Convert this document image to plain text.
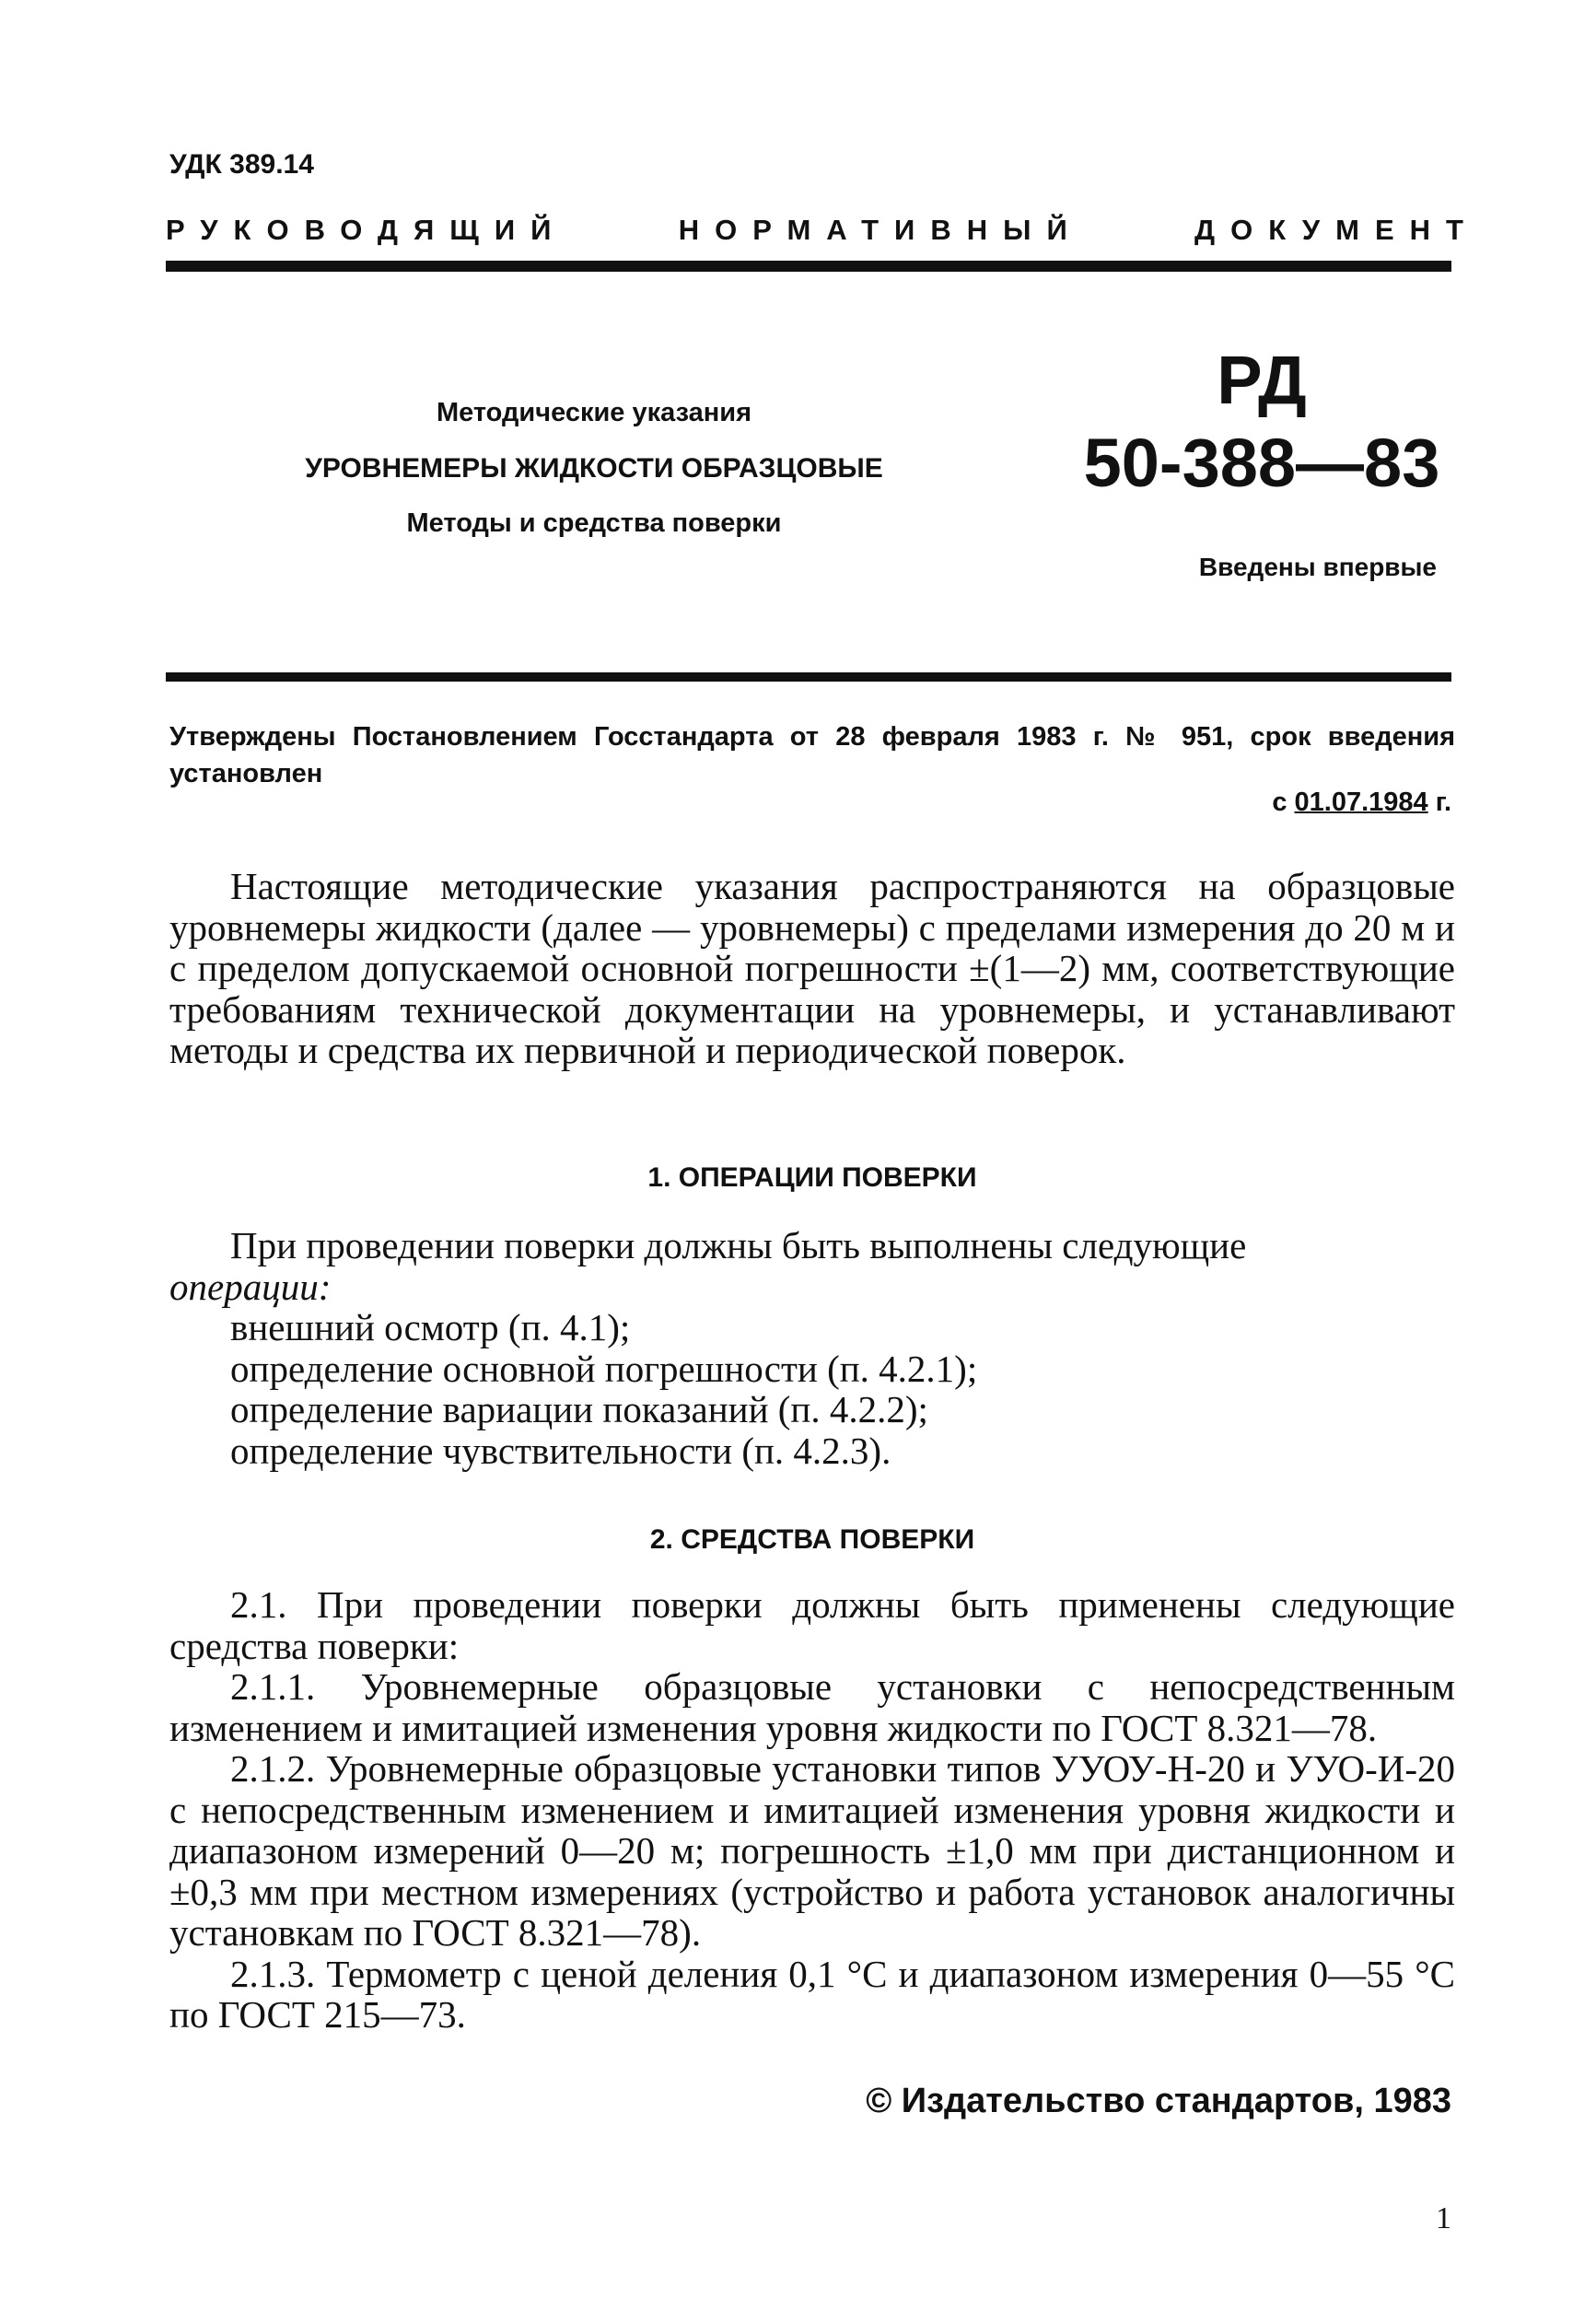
УДК 389.14
РУКОВОДЯЩИЙ	НОРМАТИВНЫЙ	ДОКУМЕНТ
Методические указания
УРОВНЕМЕРЫ ЖИДКОСТИ ОБРАЗЦОВЫЕ
Методы и средства поверки
РД
50-388—83
Введены впервые
Утверждены Постановлением Госстандарта от 28 февраля 1983 г. № 951, срок введения установлен
с 01.07.1984 г.
Настоящие методические указания распространяются на образцовые уровнемеры жидкости (далее — уровнемеры) с пределами измерения до 20 м и с пределом допускаемой основной погрешности ±(1—2) мм, соответствующие требованиям технической документации на уровнемеры, и устанавливают методы и средства их первичной и периодической поверок.
1. ОПЕРАЦИИ ПОВЕРКИ
При проведении поверки должны быть выполнены следующие
операции:
внешний осмотр (п. 4.1);
определение основной погрешности (п. 4.2.1);
определение вариации показаний (п. 4.2.2);
определение чувствительности (п. 4.2.3).
2. СРЕДСТВА ПОВЕРКИ

2.1. При проведении поверки должны быть применены следующие средства поверки:

2.1.1. Уровнемерные образцовые установки с непосредственным изменением и имитацией изменения уровня жидкости по ГОСТ 8.321—78.

2.1.2. Уровнемерные образцовые установки типов УУОУ-Н-20 и УУО-И-20 с непосредственным изменением и имитацией изменения уровня жидкости и диапазоном измерений 0—20 м; погрешность ±1,0 мм при дистанционном и ±0,3 мм при местном измерениях (устройство и работа установок аналогичны установкам по ГОСТ 8.321—78).

2.1.3. Термометр с ценой деления 0,1 °С и диапазоном измерения 0—55 °С по ГОСТ 215—73.

© Издательство стандартов, 1983
1
